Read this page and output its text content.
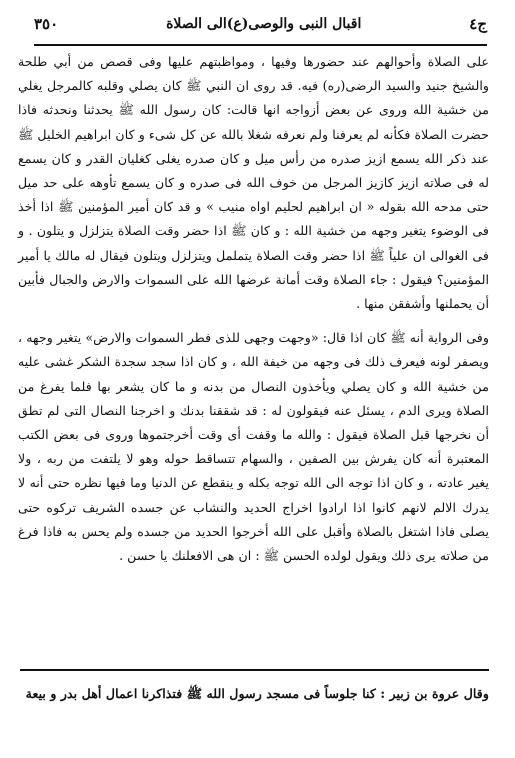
ج٤
اقبال النبى والوصى(ع)الى الصلاة
٣٥٠

على الصلاة وأحوالهم عند حضورها وفيها ، ومواظبتهم عليها وفى قصص من أبي طلحة والشيخ جنيد والسيد الرضى(ره) فيه. قد روى ان النبي ﷺ كان يصلي وقلبه كالمرجل يغلي من خشية الله وروى عن بعض أزواجه انها قالت: كان رسول الله ﷺ يحدثنا ونحدثه فاذا حضرت الصلاة فكأنه لم يعرفنا ولم نعرفه شغلا بالله عن كل شىء و كان ابراهيم الخليل ﷺ عند ذكر الله يسمع ازيز صدره من رأس ميل و كان صدره يغلى كغليان القدر و كان يسمع له فى صلاته ازيز كازيز المرجل من خوف الله فى صدره و كان يسمع تأوهه على حد ميل حتى مدحه الله بقوله « ان ابراهيم لحليم اواه منيب » و قد كان أمير المؤمنين ﷺ اذا أخذ فى الوضوء يتغير وجهه من خشية الله : و كان ﷺ اذا حضر وقت الصلاة يتزلزل و يتلون . و فى الغوالى ان علياً ﷺ اذا حضر وقت الصلاة يتململ ويتزلزل ويتلون فيقال له مالك يا أمير المؤمنين؟ فيقول : جاء الصلاة وقت أمانة عرضها الله على السموات والارض والجبال فأبين أن يحملنها وأشفقن منها .

وفى الرواية أنه ﷺ كان اذا قال: «وجهت وجهى للذى فطر السموات والارض» يتغير وجهه ، ويصفر لونه فيعرف ذلك فى وجهه من خيفة الله ، و كان اذا سجد سجدة الشكر غشى عليه من خشية الله و كان يصلي ويأخذون النصال من بدنه و ما كان يشعر بها فلما يفرغ من الصلاة ويرى الدم ، يسئل عنه فيقولون له : قد شققنا بدنك و اخرجنا النصال التى لم تطق أن نخرجها قبل الصلاة فيقول : والله ما وقفت أى وقت أخرجتموها وروى فى بعض الكتب المعتبرة أنه كان يفرش بين الصفين ، والسهام تتساقط حوله وهو لا يلتفت من ربه ، ولا يغير عادته ، و كان اذا توجه الى الله توجه بكله و ينقطع عن الدنيا وما فيها نظره حتى أنه لا يدرك الالم لانهم كانوا اذا ارادوا اخراج الحديد والنشاب عن جسده الشريف تركوه حتى يصلى فاذا اشتغل بالصلاة وأقبل على الله أخرجوا الحديد من جسده ولم يحس به فاذا فرغ من صلاته يرى ذلك ويقول لولده الحسن ﷺ : ان هى الافعلنك يا حسن .

وقال عروة بن زبير : كنا جلوساً فى مسجد رسول الله ﷺ فتذاكرنا اعمال أهل بدر و بيعة
